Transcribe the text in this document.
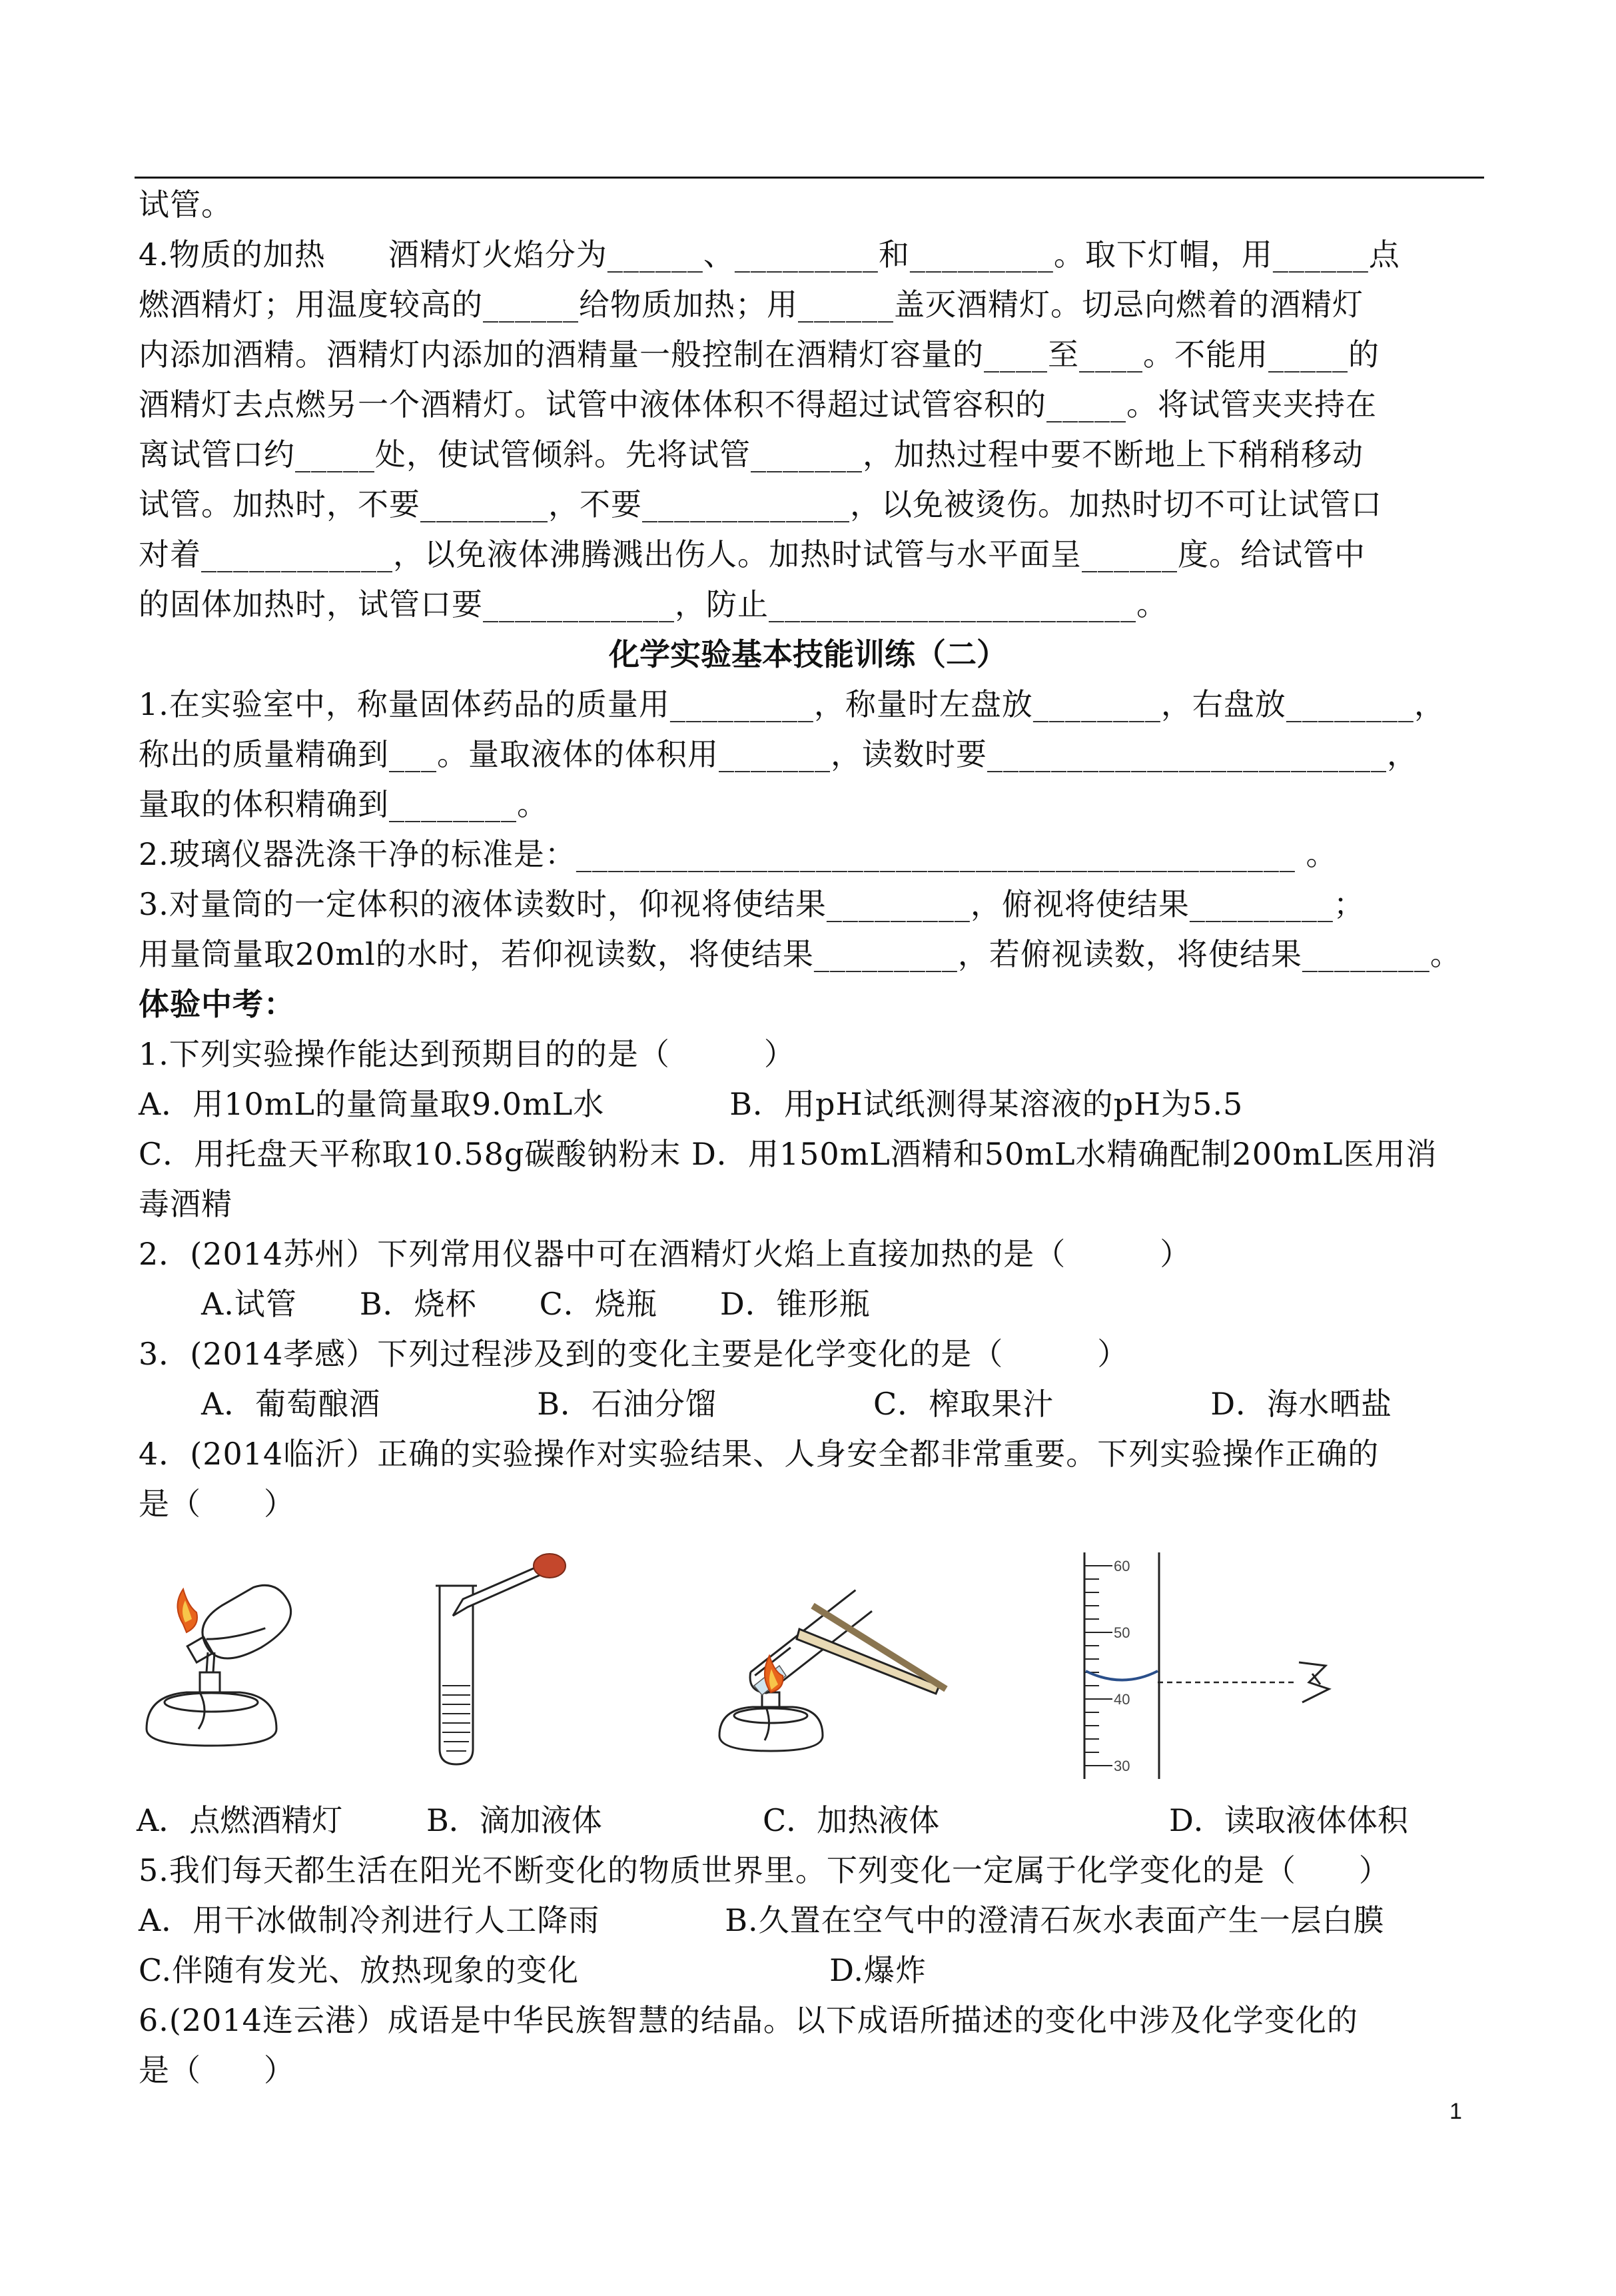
试管。
4.物质的加热　　酒精灯火焰分为______、_________和_________。取下灯帽，用______点
燃酒精灯；用温度较高的______给物质加热；用______盖灭酒精灯。切忌向燃着的酒精灯
内添加酒精。酒精灯内添加的酒精量一般控制在酒精灯容量的____至____。不能用_____的
酒精灯去点燃另一个酒精灯。试管中液体体积不得超过试管容积的_____。将试管夹夹持在
离试管口约_____处，使试管倾斜。先将试管_______，加热过程中要不断地上下稍稍移动
试管。加热时，不要________，不要_____________，以免被烫伤。加热时切不可让试管口
对着____________，以免液体沸腾溅出伤人。加热时试管与水平面呈______度。给试管中
的固体加热时，试管口要____________，防止_______________________。
化学实验基本技能训练（二）
1.在实验室中，称量固体药品的质量用_________，称量时左盘放________，右盘放________，
称出的质量精确到___。量取液体的体积用_______，读数时要_________________________，
量取的体积精确到________。
2.玻璃仪器洗涤干净的标准是：_____________________________________________ 。
3.对量筒的一定体积的液体读数时，仰视将使结果_________，俯视将使结果_________；
用量筒量取20ml的水时，若仰视读数，将使结果_________，若俯视读数，将使结果________。
体验中考：
1.下列实验操作能达到预期目的的是（　　　）
A．用10mL的量筒量取9.0mL水　　　　B．用pH试纸测得某溶液的pH为5.5
C．用托盘天平称取10.58g碳酸钠粉末 D．用150mL酒精和50mL水精确配制200mL医用消
毒酒精
2．(2014苏州）下列常用仪器中可在酒精灯火焰上直接加热的是（　　　）
　　A.试管　　B．烧杯　　C．烧瓶　　D．锥形瓶
3．(2014孝感）下列过程涉及到的变化主要是化学变化的是（　　　）
　　A．葡萄酿酒　　　　　B．石油分馏　　　　　C．榨取果汁　　　　　D．海水晒盐
4．(2014临沂）正确的实验操作对实验结果、人身安全都非常重要。下列实验操作正确的
是（　　）
60 50 40 30
A．点燃酒精灯	B．滴加液体	C．加热液体	D．读取液体体积
5.我们每天都生活在阳光不断变化的物质世界里。下列变化一定属于化学变化的是（　　）
A．用干冰做制冷剂进行人工降雨　　　　B.久置在空气中的澄清石灰水表面产生一层白膜
C.伴随有发光、放热现象的变化　　　　　　　　D.爆炸
6.(2014连云港）成语是中华民族智慧的结晶。以下成语所描述的变化中涉及化学变化的
是（　　）
1
